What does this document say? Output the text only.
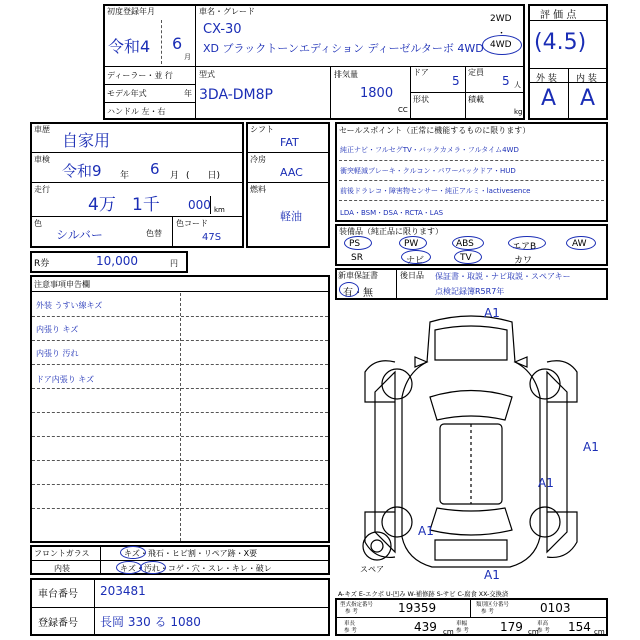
初度登録年月
令和4 6
月
車名・グレード
CX-30
XD ブラックトーンエディション ディーゼルターボ 4WD
2WD
・
4WD
ディーラー・並 行
モデル年式	年
ハンドル 左・右
型式
3DA-DM8P
排気量
1800
CC
ドア
5
定員
5 人
形状	積載
kg
評 価 点
(4.5)
外 装 内 装
A A
車歴
自家用
車検
令和9 年 6 月 (　　日)
走行
4万 1千 000 km
色
シルバー	色替
色コード
47S
シフト
FAT
冷房
AAC
燃料
軽油
R券	10,000	円
セールスポイント（正常に機能するものに限ります）
純正ナビ・フルセグTV・バックカメラ・フルタイム4WD
衝突軽減ブレーキ・クルコン・パワーバックドア・HUD
前後ドラレコ・障害物センサー・純正アルミ・lactivesence
LDA・BSM・DSA・RCTA・LAS
装備品（純正品に限ります）
PS	PW	ABS	エアB	AW
SR	ナビ	TV	カワ
新車保証書
有・無
後日品 保証書・取説・ナビ取説・スペアキー
点検記録簿R5R7年
注意事項申告欄
外装 うすい線キズ
内張り キズ
内張り 汚れ
ドア内張り キズ
A1
A1
A1
A1
A1
スペア
フロントガラス	キズ・飛石・ヒビ割・リペア跡・X要
内装	キズ・汚れ・コゲ・穴・スレ・キレ・破レ
車台番号 203481
登録番号 長岡 330 る 1080
A-キズ E-エクボ U-凹み W-補修跡 S-サビ C-腐食 XX-交換済
型式指定番号
参 考	19359	類別区分番号
参 考	0103
車長
参 考	439 cm
車幅
参 考	179 cm
車高
参 考 154 cm
